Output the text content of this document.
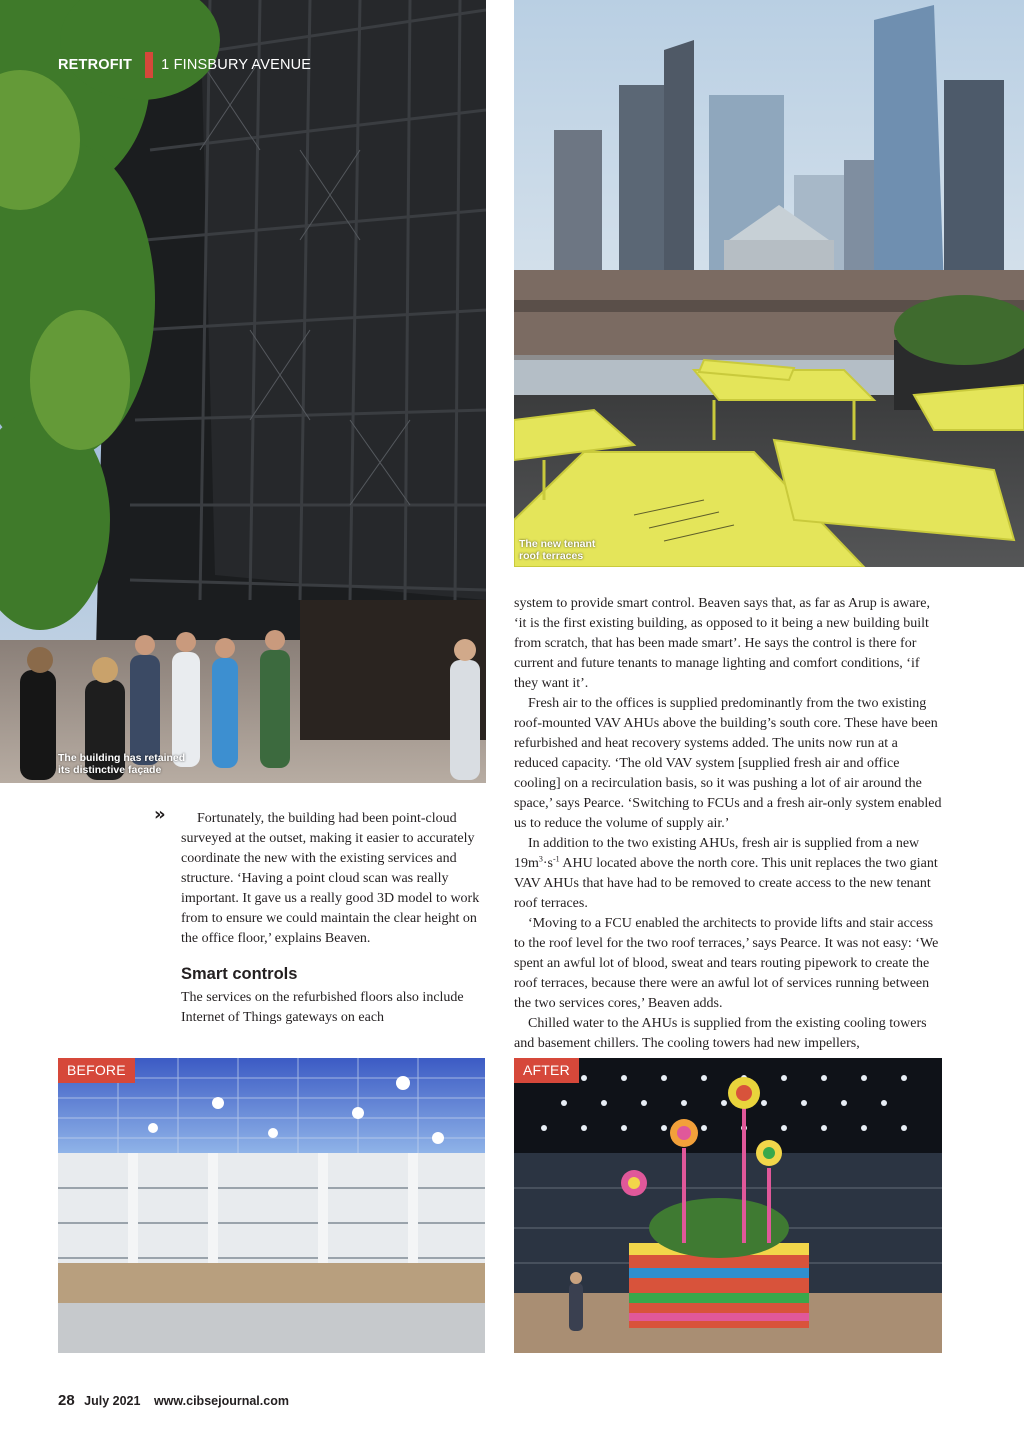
The building has retained
its distinctive façade
The new tenant
roof terraces
RETROFIT 1 FINSBURY AVENUE
»	Fortunately, the building had been point-cloud surveyed at the outset, making it easier to accurately coordinate the new with the existing services and structure. ‘Having a point cloud scan was really important. It gave us a really good 3D model to work from to ensure we could maintain the clear height on the office floor,’ explains Beaven.

Smart controls

The services on the refurbished floors also include Internet of Things gateways on each

system to provide smart control. Beaven says that, as far as Arup is aware, ‘it is the first existing building, as opposed to it being a new building built from scratch, that has been made smart’. He says the control is there for current and future tenants to manage lighting and comfort conditions, ‘if they want it’.

Fresh air to the offices is supplied predominantly from the two existing roof-mounted VAV AHUs above the building’s south core. These have been refurbished and heat recovery systems added. The units now run at a reduced capacity. ‘The old VAV system [supplied fresh air and office cooling] on a recirculation basis, so it was pushing a lot of air around the space,’ says Pearce. ‘Switching to FCUs and a fresh air-only system enabled us to reduce the volume of supply air.’

In addition to the two existing AHUs, fresh air is supplied from a new $19m^3\cdot s^{-1}$ AHU located above the north core. This unit replaces the two giant VAV AHUs that have had to be removed to create access to the new tenant roof terraces.

‘Moving to a FCU enabled the architects to provide lifts and stair access to the roof level for the two roof terraces,’ says Pearce. It was not easy: ‘We spent an awful lot of blood, sweat and tears routing pipework to create the roof terraces, because there were an awful lot of services running between the two services cores,’ Beaven adds.

Chilled water to the AHUs is supplied from the existing cooling towers and basement chillers. The cooling towers had new impellers,

BEFORE	AFTER
28 July 2021 www.cibsejournal.com
